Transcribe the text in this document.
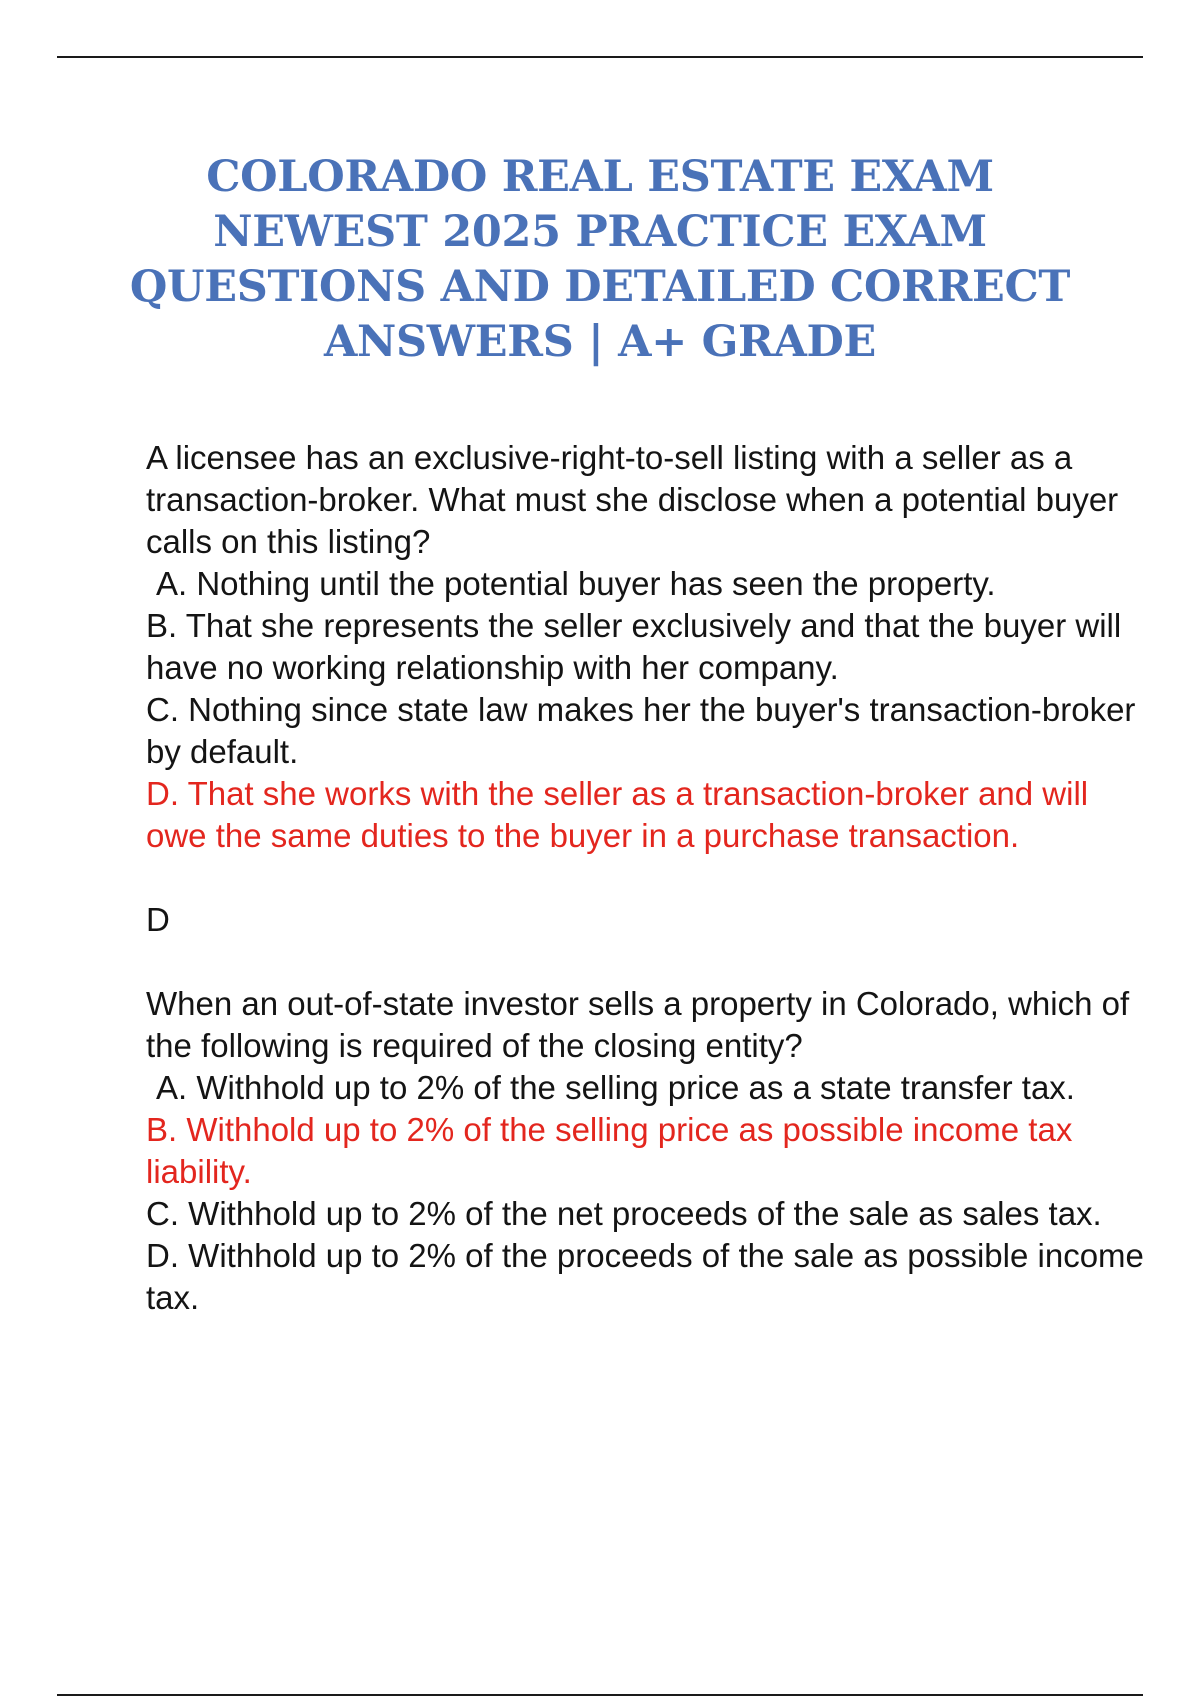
COLORADO REAL ESTATE EXAM
NEWEST 2025 PRACTICE EXAM
QUESTIONS AND DETAILED CORRECT
ANSWERS | A+ GRADE

A licensee has an exclusive-right-to-sell listing with a seller as a transaction-broker. What must she disclose when a potential buyer calls on this listing?

A. Nothing until the potential buyer has seen the property.

B. That she represents the seller exclusively and that the buyer will have no working relationship with her company.

C. Nothing since state law makes her the buyer's transaction-broker by default.

D. That she works with the seller as a transaction-broker and will owe the same duties to the buyer in a purchase transaction.

D

When an out-of-state investor sells a property in Colorado, which of the following is required of the closing entity?

A. Withhold up to 2% of the selling price as a state transfer tax.

B. Withhold up to 2% of the selling price as possible income tax liability.

C. Withhold up to 2% of the net proceeds of the sale as sales tax.

D. Withhold up to 2% of the proceeds of the sale as possible income tax.
